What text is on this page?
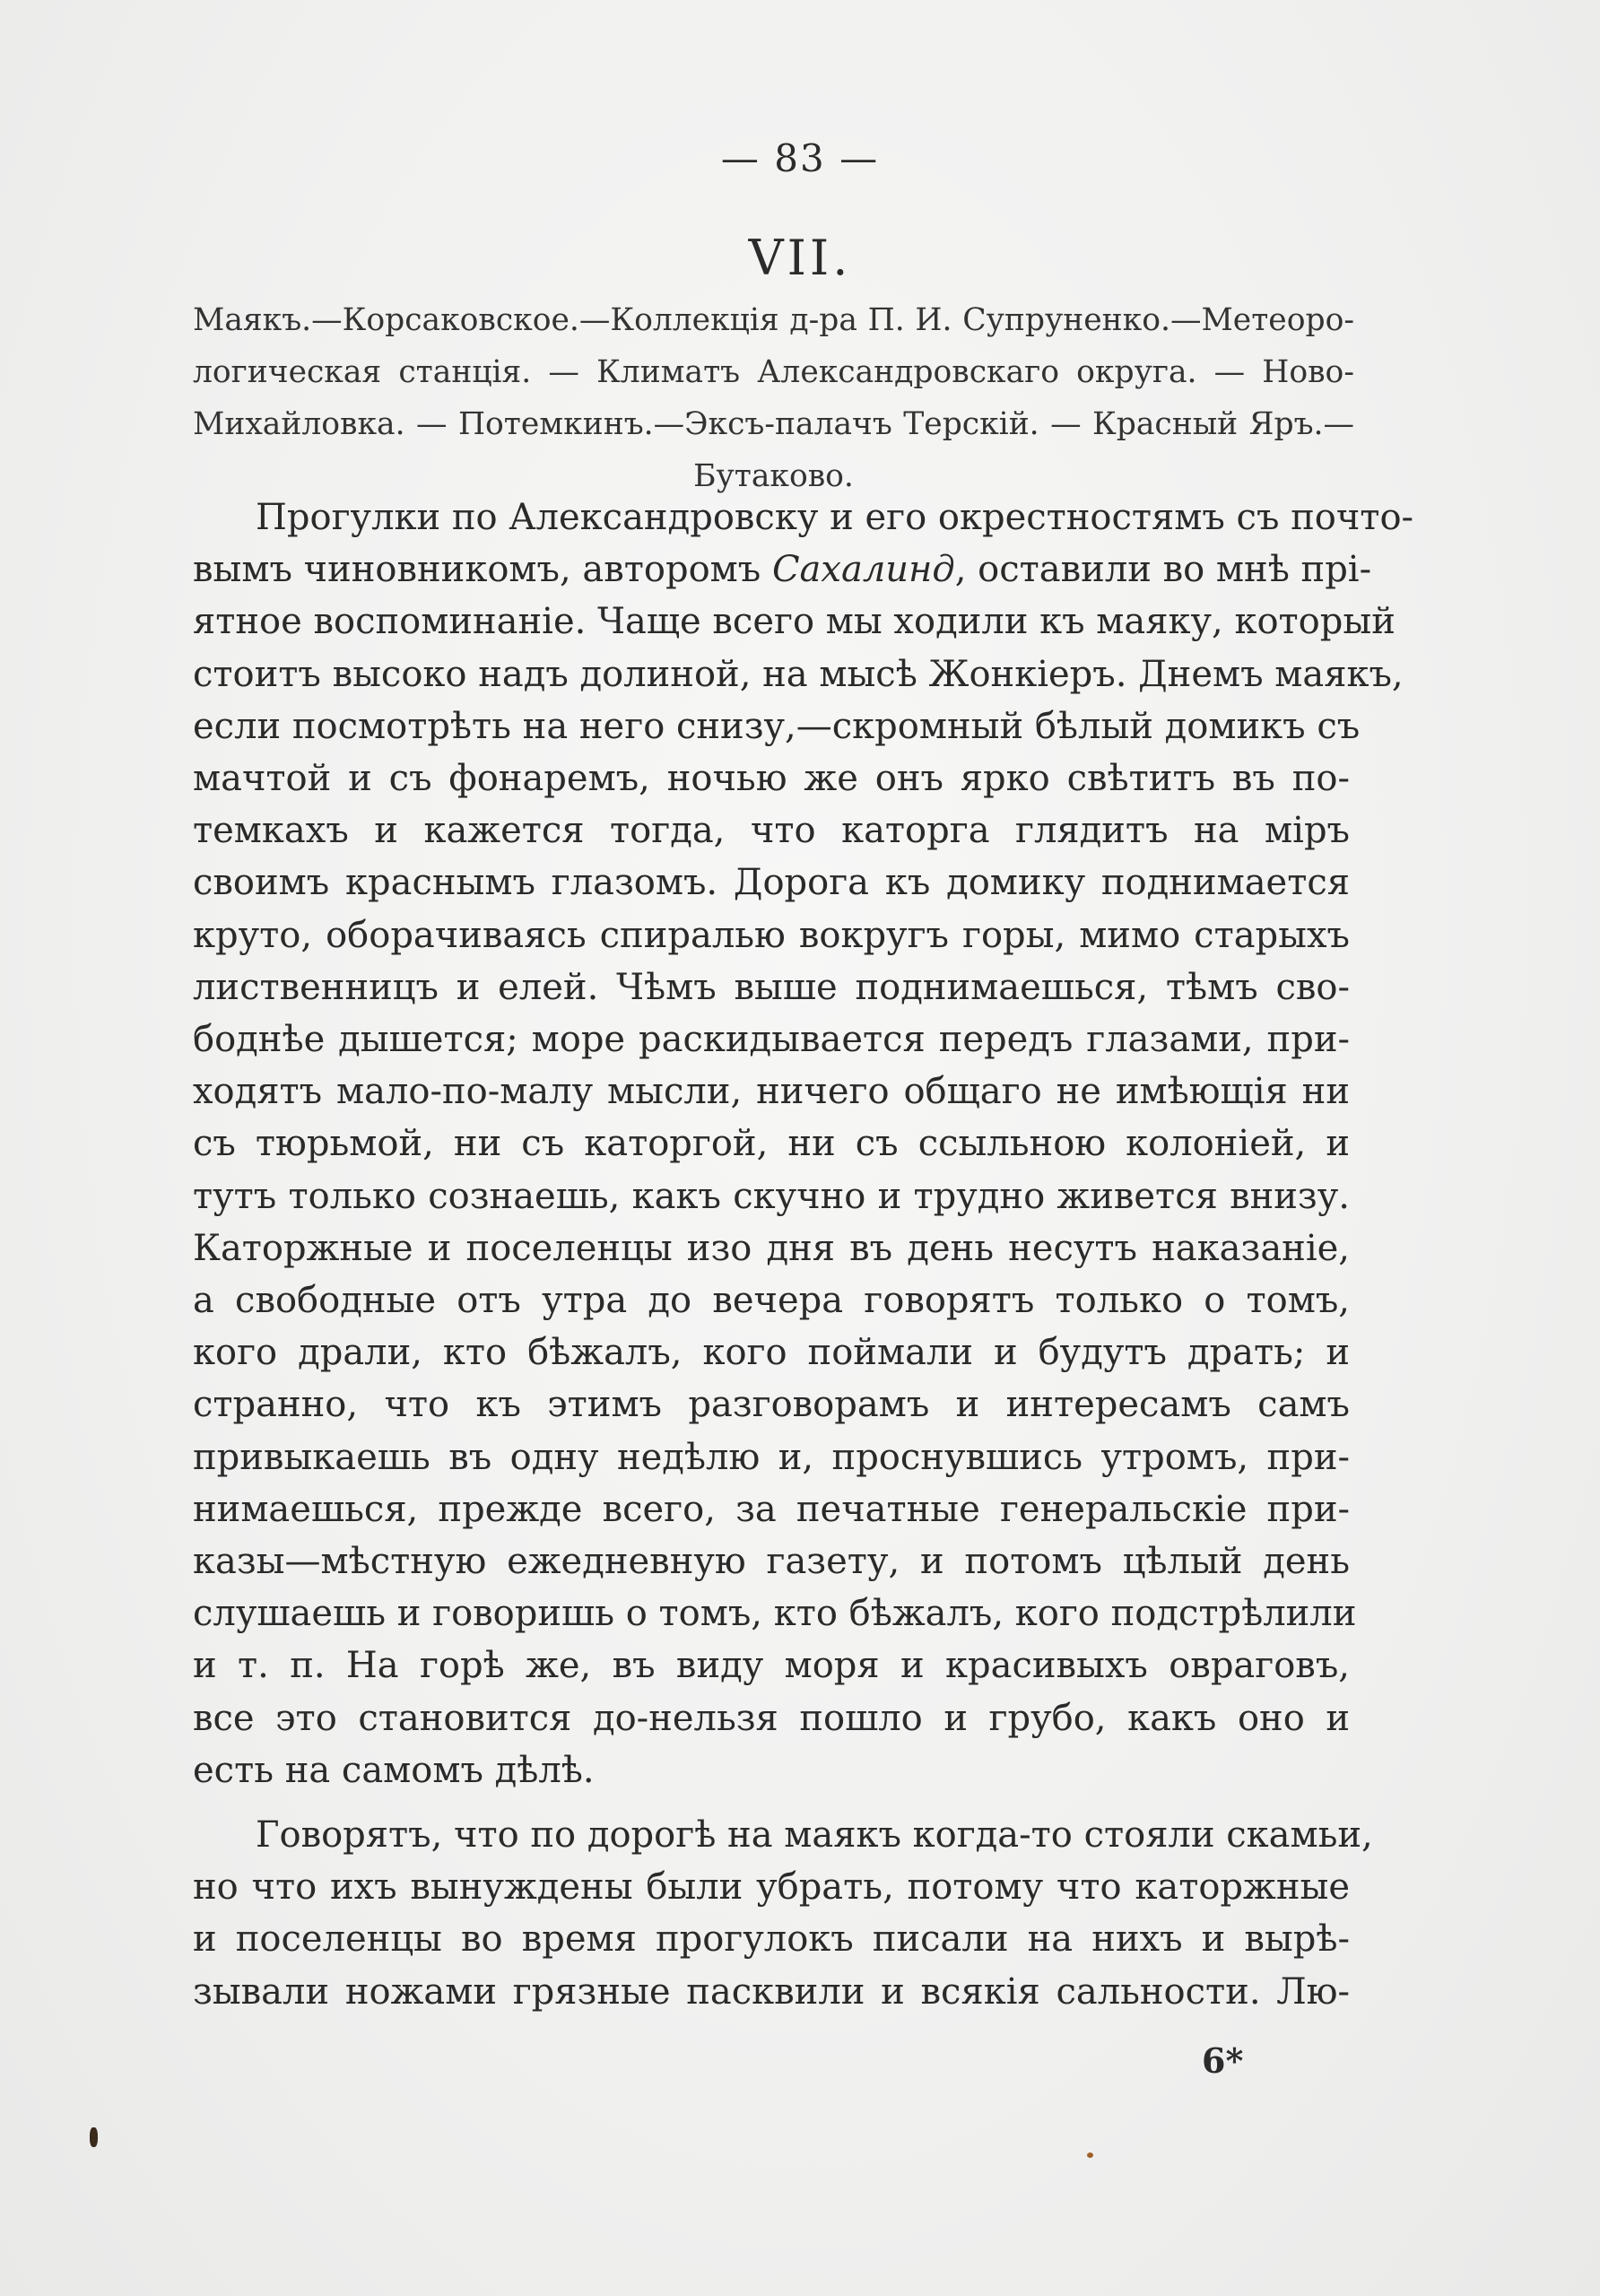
— 83 —
VII.
Маякъ.—Корсаковское.—Коллекція д-ра П. И. Супруненко.—Метеоро-
логическая станція. — Климатъ Александровскаго округа. — Ново-
Михайловка. — Потемкинъ.—Эксъ-палачъ Терскій. — Красный Яръ.—
Бутаково.
Прогулки по Александровску и его окрестностямъ съ почто-
вымъ чиновникомъ, авторомъ Сахалинд, оставили во мнѣ прі-
ятное воспоминаніе. Чаще всего мы ходили къ маяку, который
стоитъ высоко надъ долиной, на мысѣ Жонкіеръ. Днемъ маякъ,
если посмотрѣть на него снизу,—скромный бѣлый домикъ съ
мачтой и съ фонаремъ, ночью же онъ ярко свѣтитъ въ по-
темкахъ и кажется тогда, что каторга глядитъ на міръ
своимъ краснымъ глазомъ. Дорога къ домику поднимается
круто, оборачиваясь спиралью вокругъ горы, мимо старыхъ
лиственницъ и елей. Чѣмъ выше поднимаешься, тѣмъ сво-
боднѣе дышется; море раскидывается передъ глазами, при-
ходятъ мало-по-малу мысли, ничего общаго не имѣющія ни
съ тюрьмой, ни съ каторгой, ни съ ссыльною колоніей, и
тутъ только сознаешь, какъ скучно и трудно живется внизу.
Каторжные и поселенцы изо дня въ день несутъ наказаніе,
а свободные отъ утра до вечера говорятъ только о томъ,
кого драли, кто бѣжалъ, кого поймали и будутъ драть; и
странно, что къ этимъ разговорамъ и интересамъ самъ
привыкаешь въ одну недѣлю и, проснувшись утромъ, при-
нимаешься, прежде всего, за печатные генеральскіе при-
казы—мѣстную ежедневную газету, и потомъ цѣлый день
слушаешь и говоришь о томъ, кто бѣжалъ, кого подстрѣлили
и т. п. На горѣ же, въ виду моря и красивыхъ овраговъ,
все это становится до-нельзя пошло и грубо, какъ оно и
есть на самомъ дѣлѣ.
Говорятъ, что по дорогѣ на маякъ когда-то стояли скамьи,
но что ихъ вынуждены были убрать, потому что каторжные
и поселенцы во время прогулокъ писали на нихъ и вырѣ-
зывали ножами грязные пасквили и всякія сальности. Лю-
6*
